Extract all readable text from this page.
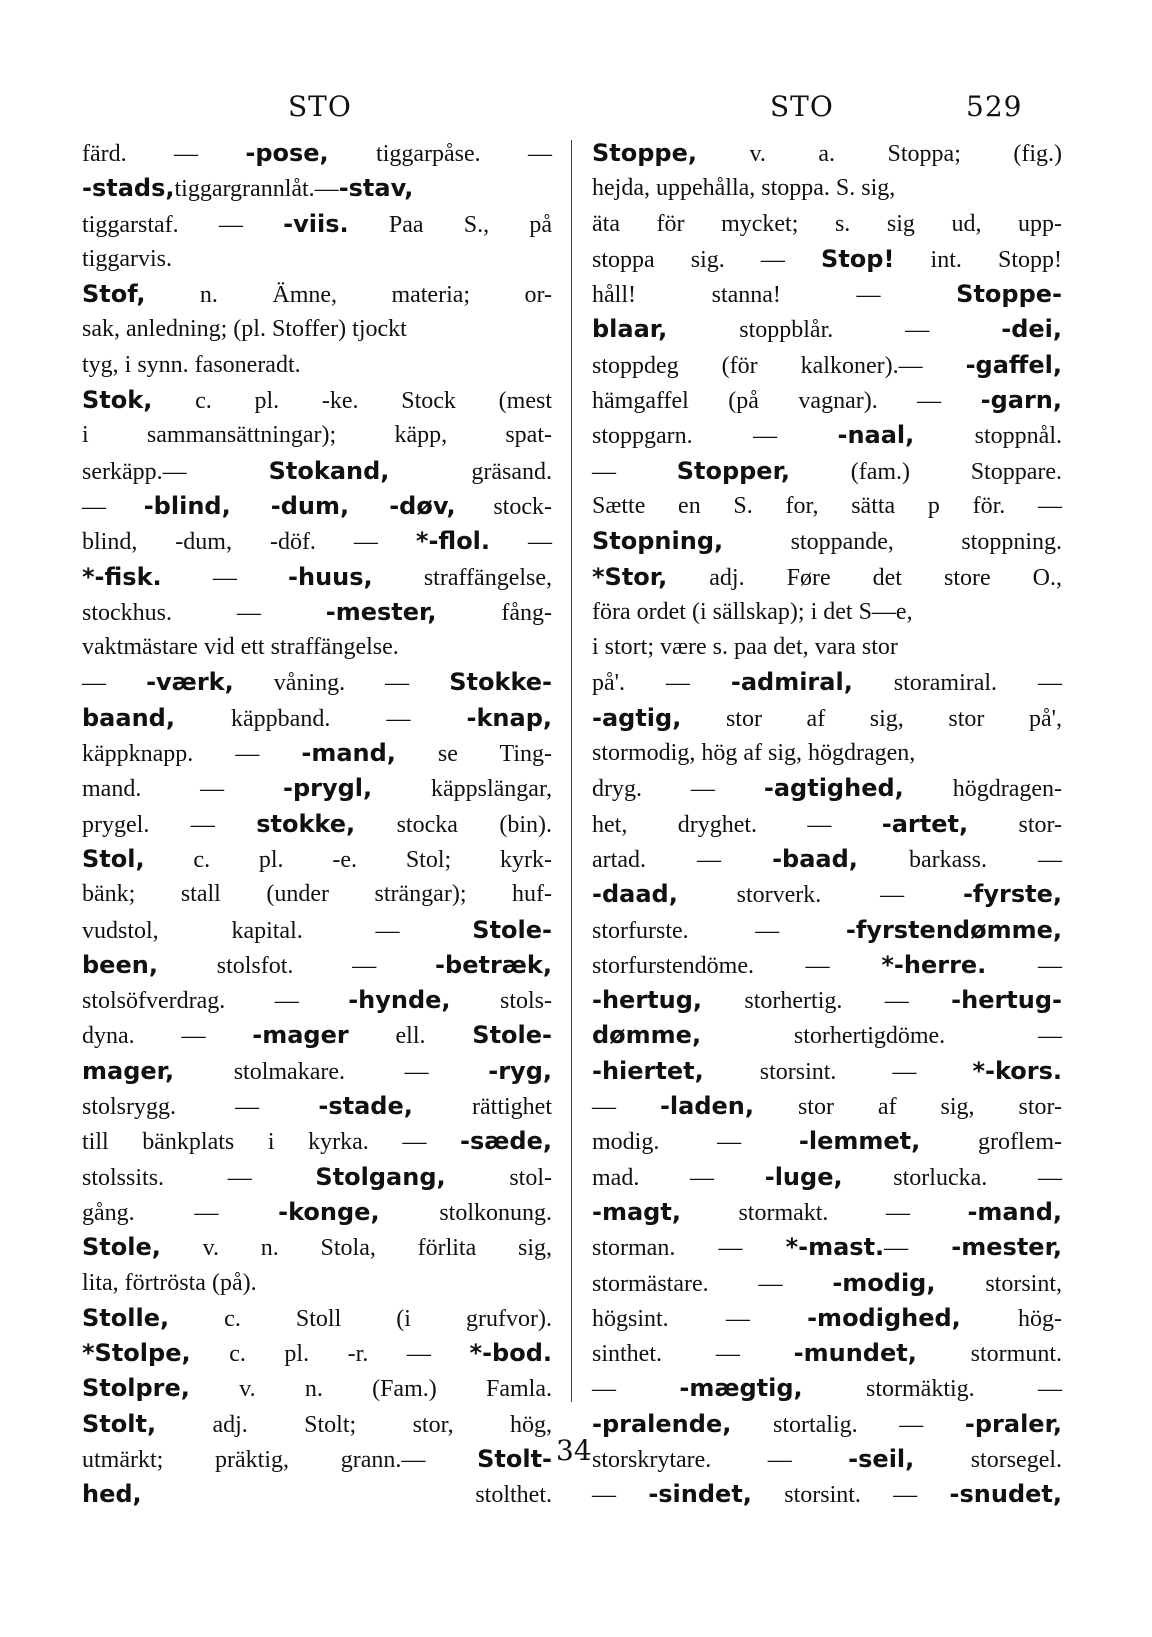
STO	STO	529
färd. — -pose, tiggarpåse. —
-stads,tiggargrannlåt.—-stav,
tiggarstaf. — -viis. Paa S., på
tiggarvis.
Stof, n. Ämne, materia; or-
sak, anledning; (pl. Stoffer) tjockt
tyg, i synn. fasoneradt.
Stok, c. pl. -ke. Stock (mest
i sammansättningar); käpp, spat-
serkäpp.— Stokand, gräsand.
— -blind, -dum, -døv, stock-
blind, -dum, -döf. — *-flol. —
*-fisk. — -huus, straffängelse,
stockhus. — -mester, fång-
vaktmästare vid ett straffängelse.
— -værk, våning. — Stokke-
baand, käppband. — -knap,
käppknapp. — -mand, se Ting-
mand. — -prygl, käppslängar,
prygel. — stokke, stocka (bin).
Stol, c. pl. -e. Stol; kyrk-
bänk; stall (under strängar); huf-
vudstol, kapital. — Stole-
been, stolsfot. — -betræk,
stolsöfverdrag. — -hynde, stols-
dyna. — -mager ell. Stole-
mager, stolmakare. — -ryg,
stolsrygg. — -stade, rättighet
till bänkplats i kyrka. — -sæde,
stolssits. — Stolgang, stol-
gång. — -konge, stolkonung.
Stole, v. n. Stola, förlita sig,
lita, förtrösta (på).
Stolle, c. Stoll (i grufvor).
*Stolpe, c. pl. -r. — *-bod.
Stolpre, v. n. (Fam.) Famla.
Stolt, adj. Stolt; stor, hög,
utmärkt; präktig, grann.— Stolt-
hed, stolthet.
Stoppe, v. a. Stoppa; (fig.)
hejda, uppehålla, stoppa. S. sig,
äta för mycket; s. sig ud, upp-
stoppa sig. — Stop! int. Stopp!
håll! stanna! — Stoppe-
blaar, stoppblår. — -dei,
stoppdeg (för kalkoner).— -gaffel,
hämgaffel (på vagnar). — -garn,
stoppgarn. — -naal, stoppnål.
— Stopper, (fam.) Stoppare.
Sætte en S. for, sätta p för. —
Stopning, stoppande, stoppning.
*Stor, adj. Føre det store O.,
föra ordet (i sällskap); i det S—e,
i stort; være s. paa det, vara stor
på'. — -admiral, storamiral. —
-agtig, stor af sig, stor på',
stormodig, hög af sig, högdragen,
dryg. — -agtighed, högdragen-
het, dryghet. — -artet, stor-
artad. — -baad, barkass. —
-daad, storverk. — -fyrste,
storfurste. — -fyrstendømme,
storfurstendöme. — *-herre. —
-hertug, storhertig. — -hertug-
dømme, storhertigdöme. —
-hiertet, storsint. — *-kors.
— -laden, stor af sig, stor-
modig. — -lemmet, groflem-
mad. — -luge, storlucka. —
-magt, stormakt. — -mand,
storman. — *-mast.— -mester,
stormästare. — -modig, storsint,
högsint. — -modighed, hög-
sinthet. — -mundet, stormunt.
— -mægtig, stormäktig. —
-pralende, stortalig. — -praler,
storskrytare. — -seil, storsegel.
— -sindet, storsint. — -snudet,
34
